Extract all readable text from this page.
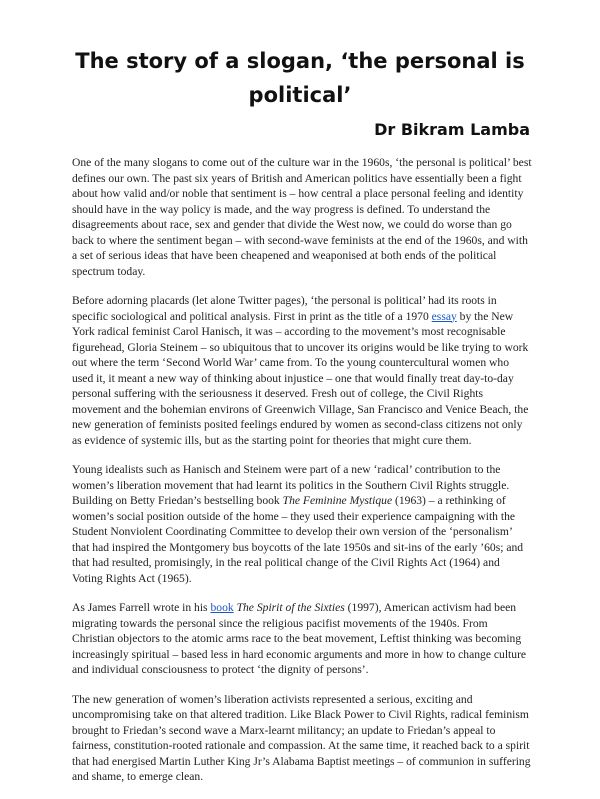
The story of a slogan, ‘the personal is political’
Dr Bikram Lamba

One of the many slogans to come out of the culture war in the 1960s, ‘the personal is political’ best defines our own. The past six years of British and American politics have essentially been a fight about how valid and/or noble that sentiment is – how central a place personal feeling and identity should have in the way policy is made, and the way progress is defined. To understand the disagreements about race, sex and gender that divide the West now, we could do worse than go back to where the sentiment began – with second-wave feminists at the end of the 1960s, and with a set of serious ideas that have been cheapened and weaponised at both ends of the political spectrum today.

Before adorning placards (let alone Twitter pages), ‘the personal is political’ had its roots in specific sociological and political analysis. First in print as the title of a 1970 essay by the New York radical feminist Carol Hanisch, it was – according to the movement’s most recognisable figurehead, Gloria Steinem – so ubiquitous that to uncover its origins would be like trying to work out where the term ‘Second World War’ came from. To the young countercultural women who used it, it meant a new way of thinking about injustice – one that would finally treat day-to-day personal suffering with the seriousness it deserved. Fresh out of college, the Civil Rights movement and the bohemian environs of Greenwich Village, San Francisco and Venice Beach, the new generation of feminists posited feelings endured by women as second-class citizens not only as evidence of systemic ills, but as the starting point for theories that might cure them.

Young idealists such as Hanisch and Steinem were part of a new ‘radical’ contribution to the women’s liberation movement that had learnt its politics in the Southern Civil Rights struggle. Building on Betty Friedan’s bestselling book The Feminine Mystique (1963) – a rethinking of women’s social position outside of the home – they used their experience campaigning with the Student Nonviolent Coordinating Committee to develop their own version of the ‘personalism’ that had inspired the Montgomery bus boycotts of the late 1950s and sit-ins of the early ’60s; and that had resulted, promisingly, in the real political change of the Civil Rights Act (1964) and Voting Rights Act (1965).

As James Farrell wrote in his book The Spirit of the Sixties (1997), American activism had been migrating towards the personal since the religious pacifist movements of the 1940s. From Christian objectors to the atomic arms race to the beat movement, Leftist thinking was becoming increasingly spiritual – based less in hard economic arguments and more in how to change culture and individual consciousness to protect ‘the dignity of persons’.

The new generation of women’s liberation activists represented a serious, exciting and uncompromising take on that altered tradition. Like Black Power to Civil Rights, radical feminism brought to Friedan’s second wave a Marx-learnt militancy; an update to Friedan’s appeal to fairness, constitution-rooted rationale and compassion. At the same time, it reached back to a spirit that had energised Martin Luther King Jr’s Alabama Baptist meetings – of communion in suffering and shame, to emerge clean.
